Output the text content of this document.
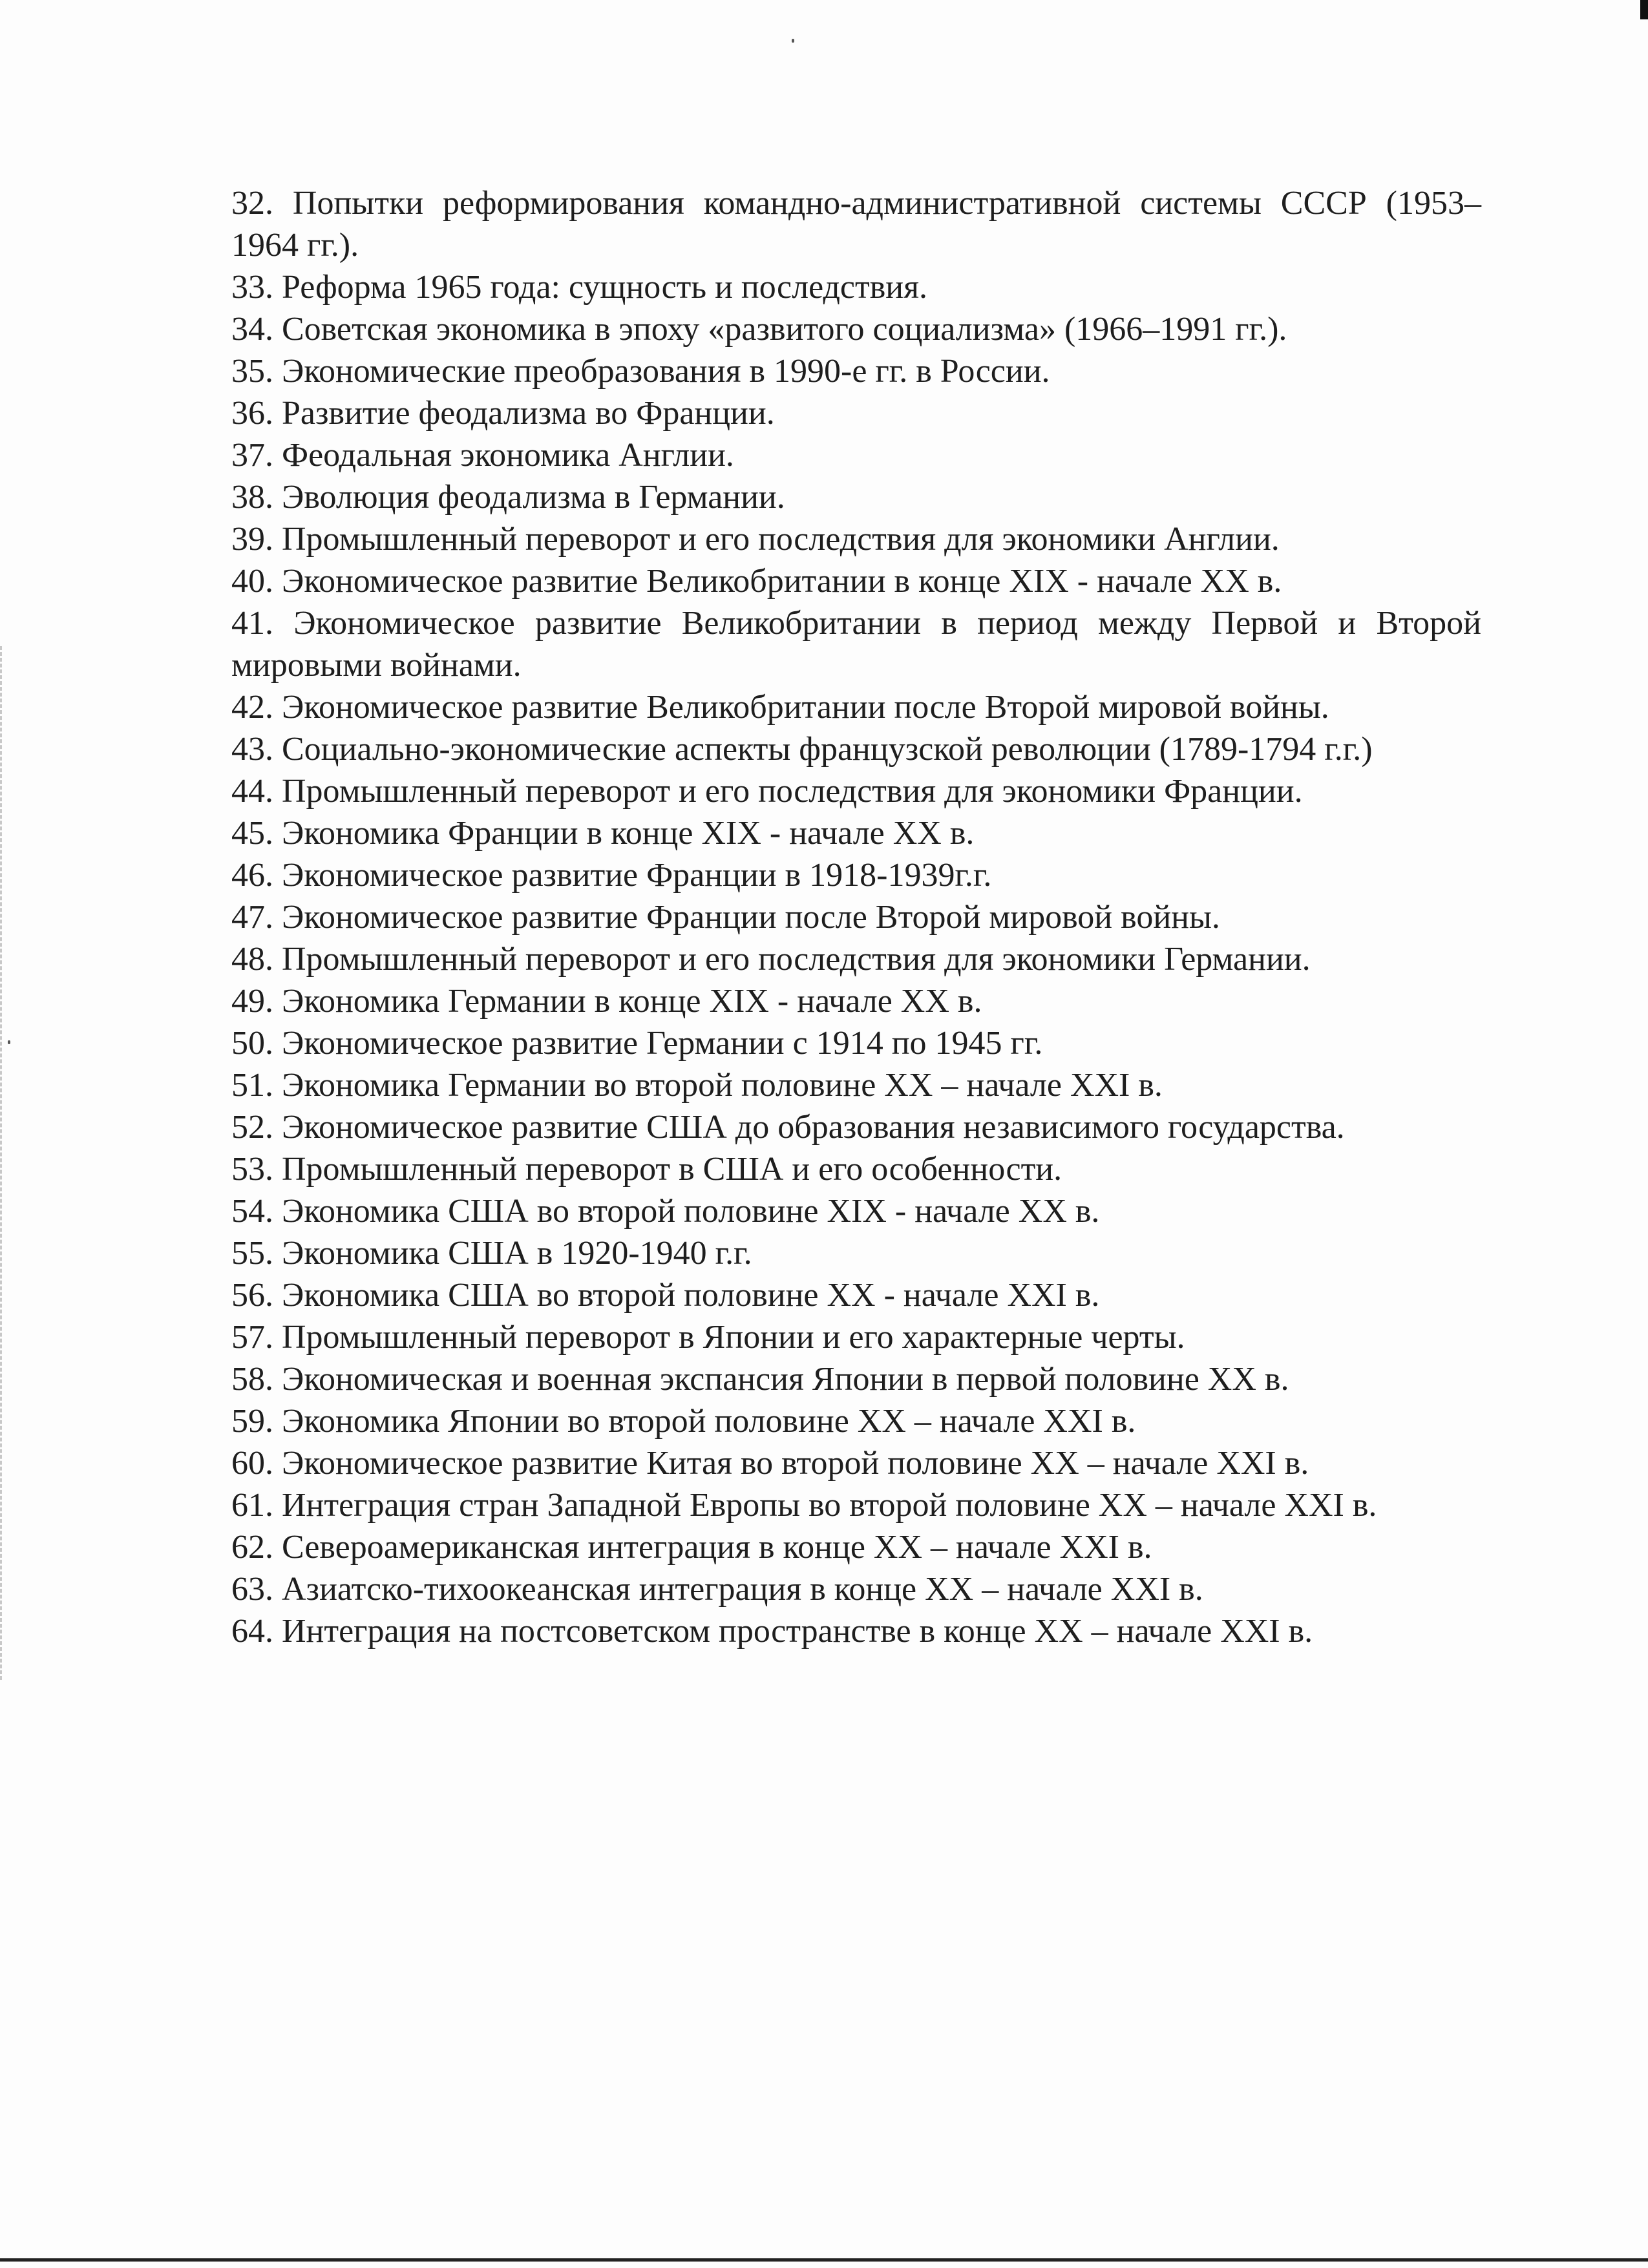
32. Попытки реформирования командно-административной системы СССР (1953–1964 гг.).
33. Реформа 1965 года: сущность и последствия.
34. Советская экономика в эпоху «развитого социализма» (1966–1991 гг.).
35. Экономические преобразования в 1990-е гг. в России.
36. Развитие феодализма во Франции.
37. Феодальная экономика Англии.
38. Эволюция феодализма в Германии.
39. Промышленный переворот и его последствия для экономики Англии.
40. Экономическое развитие Великобритании в конце XIX - начале XX в.
41. Экономическое развитие Великобритании в период между Первой и Второй мировыми войнами.
42. Экономическое развитие Великобритании после Второй мировой войны.
43. Социально-экономические аспекты французской революции (1789-1794 г.г.)
44. Промышленный переворот и его последствия для экономики Франции.
45. Экономика Франции в конце XIX - начале XX в.
46. Экономическое развитие Франции в 1918-1939г.г.
47. Экономическое развитие Франции после Второй мировой войны.
48. Промышленный переворот и его последствия для экономики Германии.
49. Экономика Германии в конце XIX - начале XX в.
50. Экономическое развитие Германии с 1914 по 1945 гг.
51. Экономика Германии во второй половине XX – начале XXI в.
52. Экономическое развитие США до образования независимого государства.
53. Промышленный переворот в США и его особенности.
54. Экономика США во второй половине XIX - начале XX в.
55. Экономика США в 1920-1940 г.г.
56. Экономика США во второй половине XX - начале XXI в.
57. Промышленный переворот в Японии и его характерные черты.
58. Экономическая и военная экспансия Японии в первой половине XX в.
59. Экономика Японии во второй половине XX – начале XXI в.
60. Экономическое развитие Китая во второй половине XX – начале XXI в.
61. Интеграция стран Западной Европы во второй половине XX – начале XXI в.
62. Североамериканская интеграция в конце XX – начале XXI в.
63. Азиатско-тихоокеанская интеграция в конце XX – начале XXI в.
64. Интеграция на постсоветском пространстве в конце XX – начале XXI в.
